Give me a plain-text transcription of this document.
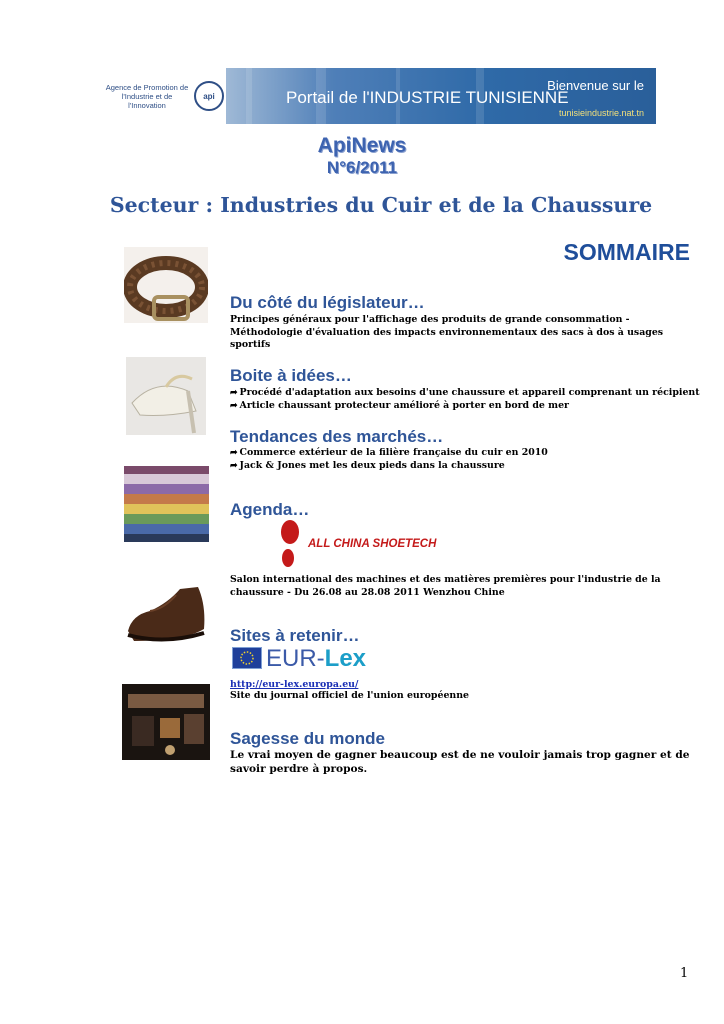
Agence de Promotion de l'Industrie et de l'Innovation
api
Bienvenue sur le
Portail de l'INDUSTRIE TUNISIENNE
tunisieindustrie.nat.tn
ApiNews
N°6/2011
Secteur : Industries du Cuir et de la Chaussure
SOMMAIRE
Du côté du législateur…
Principes généraux pour l'affichage des produits de grande consommation - Méthodologie d'évaluation des impacts environnementaux des sacs à dos à usages sportifs
Boite à idées…
➦ Procédé d'adaptation aux besoins d'une chaussure et appareil comprenant un récipient
➦ Article chaussant protecteur amélioré à porter en bord de mer
Tendances des marchés…
➦ Commerce extérieur de la filière française du cuir en 2010
➦ Jack & Jones met les deux pieds dans la chaussure
Agenda…
ALL CHINA SHOETECH
Salon international des machines et des matières premières pour l'industrie de la chaussure - Du 26.08 au 28.08 2011 Wenzhou Chine
Sites à retenir…
EUR-Lex
http://eur-lex.europa.eu/
Site du journal officiel de l'union européenne
Sagesse du monde
Le vrai moyen de gagner beaucoup est de ne vouloir jamais trop gagner et de savoir perdre à propos.
1
